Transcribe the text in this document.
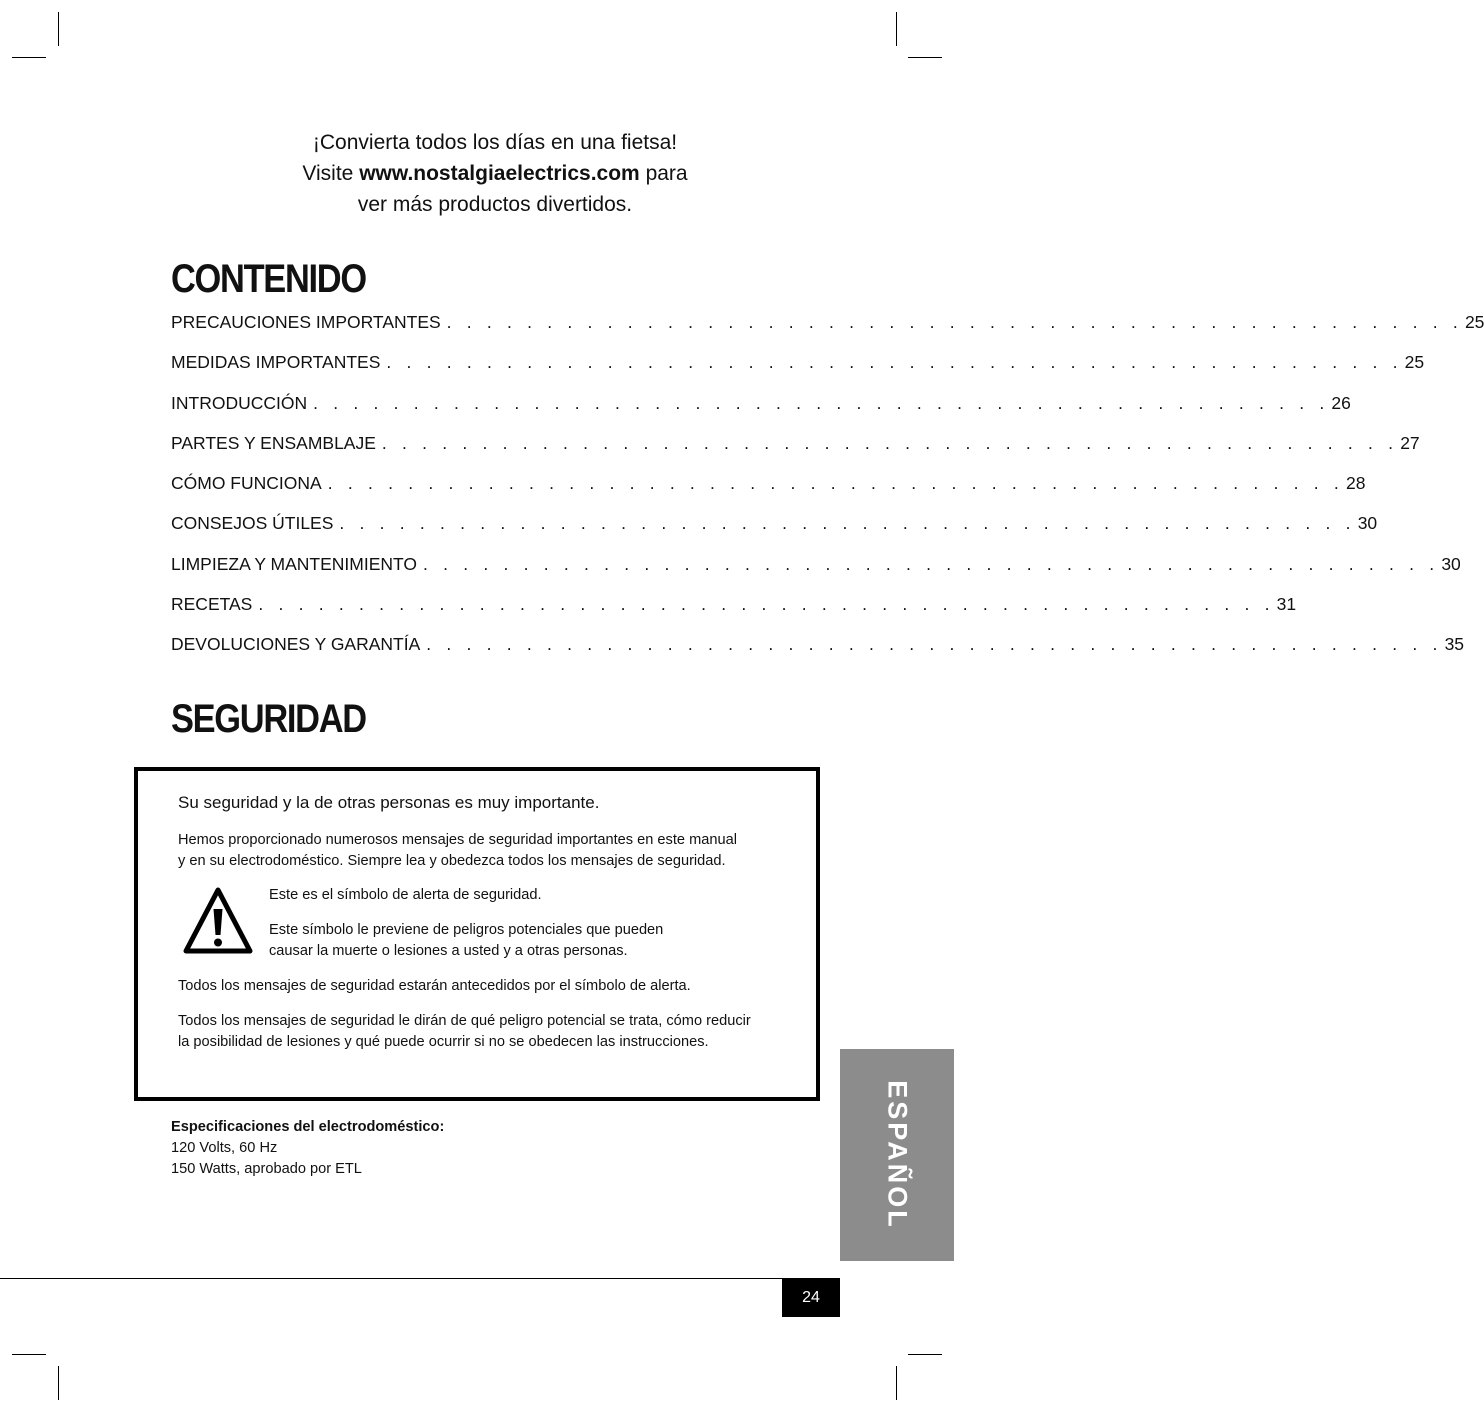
¡Convierta todos los días en una fietsa!
Visite www.nostalgiaelectrics.com para
ver más productos divertidos.
CONTENIDO
PRECAUCIONES IMPORTANTES . . . . . . . . . . . . . . . . . . . . . . . . . . . . . . . . . . . . . . . . . . . . . . . . . . . 25
MEDIDAS IMPORTANTES . . . . . . . . . . . . . . . . . . . . . . . . . . . . . . . . . . . . . . . . . . . . . . . . . . . 25
INTRODUCCIÓN . . . . . . . . . . . . . . . . . . . . . . . . . . . . . . . . . . . . . . . . . . . . . . . . . . . 26
PARTES Y ENSAMBLAJE . . . . . . . . . . . . . . . . . . . . . . . . . . . . . . . . . . . . . . . . . . . . . . . . . . . 27
CÓMO FUNCIONA . . . . . . . . . . . . . . . . . . . . . . . . . . . . . . . . . . . . . . . . . . . . . . . . . . . 28
CONSEJOS ÚTILES . . . . . . . . . . . . . . . . . . . . . . . . . . . . . . . . . . . . . . . . . . . . . . . . . . . 30
LIMPIEZA Y MANTENIMIENTO . . . . . . . . . . . . . . . . . . . . . . . . . . . . . . . . . . . . . . . . . . . . . . . . . . . 30
RECETAS . . . . . . . . . . . . . . . . . . . . . . . . . . . . . . . . . . . . . . . . . . . . . . . . . . . 31
DEVOLUCIONES Y GARANTÍA . . . . . . . . . . . . . . . . . . . . . . . . . . . . . . . . . . . . . . . . . . . . . . . . . . . 35
SEGURIDAD
Su seguridad y la de otras personas es muy importante.
Hemos proporcionado numerosos mensajes de seguridad importantes en este manual
y en su electrodoméstico. Siempre lea y obedezca todos los mensajes de seguridad.
Este es el símbolo de alerta de seguridad.
Este símbolo le previene de peligros potenciales que pueden
causar la muerte o lesiones a usted y a otras personas.
Todos los mensajes de seguridad estarán antecedidos por el símbolo de alerta.
Todos los mensajes de seguridad le dirán de qué peligro potencial se trata, cómo reducir
la posibilidad de lesiones y qué puede ocurrir si no se obedecen las instrucciones.
Especificaciones del electrodoméstico:
120 Volts, 60 Hz
150 Watts, aprobado por ETL	ESPAÑOL
24
